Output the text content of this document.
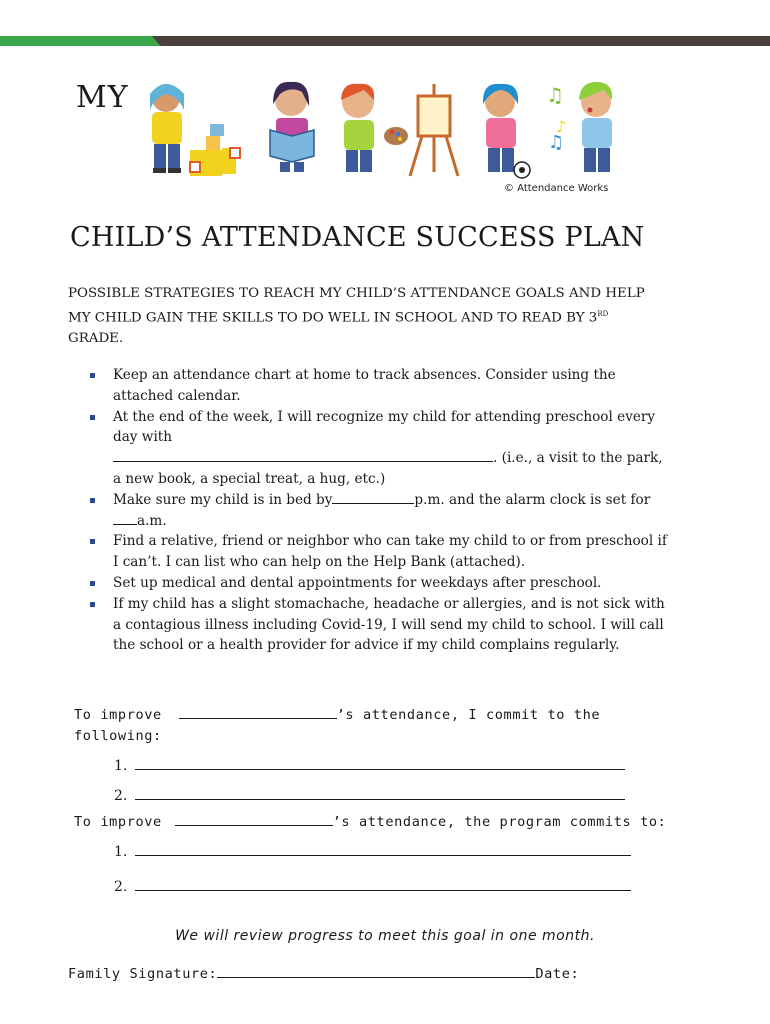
MY	♫
♪
♫
© Attendance Works
CHILD’S ATTENDANCE SUCCESS PLAN

POSSIBLE STRATEGIES TO REACH MY CHILD’S ATTENDANCE GOALS AND HELP
MY CHILD GAIN THE SKILLS TO DO WELL IN SCHOOL AND TO READ BY 3RD
GRADE.

Keep an attendance chart at home to track absences. Consider using the attached calendar.
At the end of the week, I will recognize my child for attending preschool every day with
. (i.e., a visit to the park, a new book, a special treat, a hug, etc.)
Make sure my child is in bed by	p.m. and the alarm clock is set for a.m.
Find a relative, friend or neighbor who can take my child to or from preschool if I can’t. I can list who can help on the Help Bank (attached).
Set up medical and dental appointments for weekdays after preschool.
If my child has a slight stomachache, headache or allergies, and is not sick with a contagious illness including Covid-19, I will send my child to school. I will call the school or a health provider for advice if my child complains regularly.
To improve	’s attendance, I commit to the
following:
1.
2.
To improve	’s attendance, the program commits to:
1.
2.
We will review progress to meet this goal in one month.
Family Signature:	Date:
